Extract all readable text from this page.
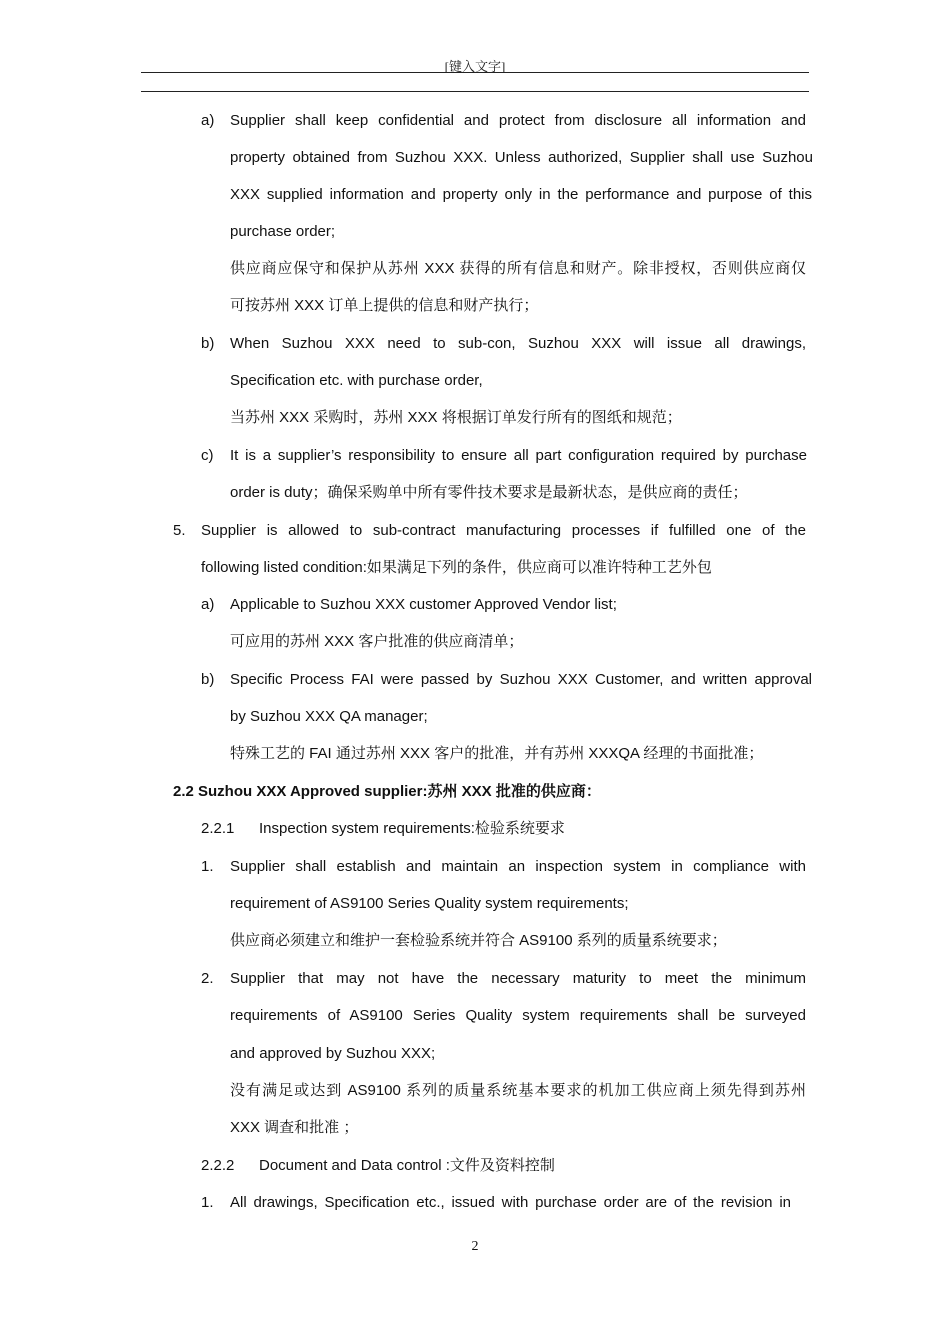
[键入文字]
a) Supplier shall keep confidential and protect from disclosure all information and
property obtained from Suzhou XXX. Unless authorized, Supplier shall use Suzhou
XXX supplied information and property only in the performance and purpose of this
purchase order;
供应商应保守和保护从苏州 XXX 获得的所有信息和财产。除非授权，否则供应商仅
可按苏州 XXX 订单上提供的信息和财产执行；
b) When Suzhou XXX need to sub-con, Suzhou XXX will issue all drawings,
Specification etc. with purchase order,
当苏州 XXX 采购时，苏州 XXX 将根据订单发行所有的图纸和规范；
c) It is a supplier’s responsibility to ensure all part configuration required by purchase
order is duty；确保采购单中所有零件技术要求是最新状态，是供应商的责任；
5. Supplier is allowed to sub-contract manufacturing processes if fulfilled one of the
following listed condition:如果满足下列的条件，供应商可以准许特种工艺外包
a) Applicable to Suzhou XXX customer Approved Vendor list;
可应用的苏州 XXX 客户批准的供应商清单；
b) Specific Process FAI were passed by Suzhou XXX Customer, and written approval
by Suzhou XXX QA manager;
特殊工艺的 FAI 通过苏州 XXX 客户的批准，并有苏州 XXXQA 经理的书面批准；
2.2 Suzhou XXX Approved supplier:苏州 XXX 批准的供应商：
2.2.1 Inspection system requirements:检验系统要求
1. Supplier shall establish and maintain an inspection system in compliance with
requirement of AS9100 Series Quality system requirements;
供应商必须建立和维护一套检验系统并符合 AS9100 系列的质量系统要求；
2. Supplier that may not have the necessary maturity to meet the minimum
requirements of AS9100 Series Quality system requirements shall be surveyed
and approved by Suzhou XXX;
没有满足或达到 AS9100 系列的质量系统基本要求的机加工供应商上须先得到苏州
XXX 调查和批准 ；
2.2.2 Document and Data control :文件及资料控制
1. All drawings, Specification etc., issued with purchase order are of the revision in
2
